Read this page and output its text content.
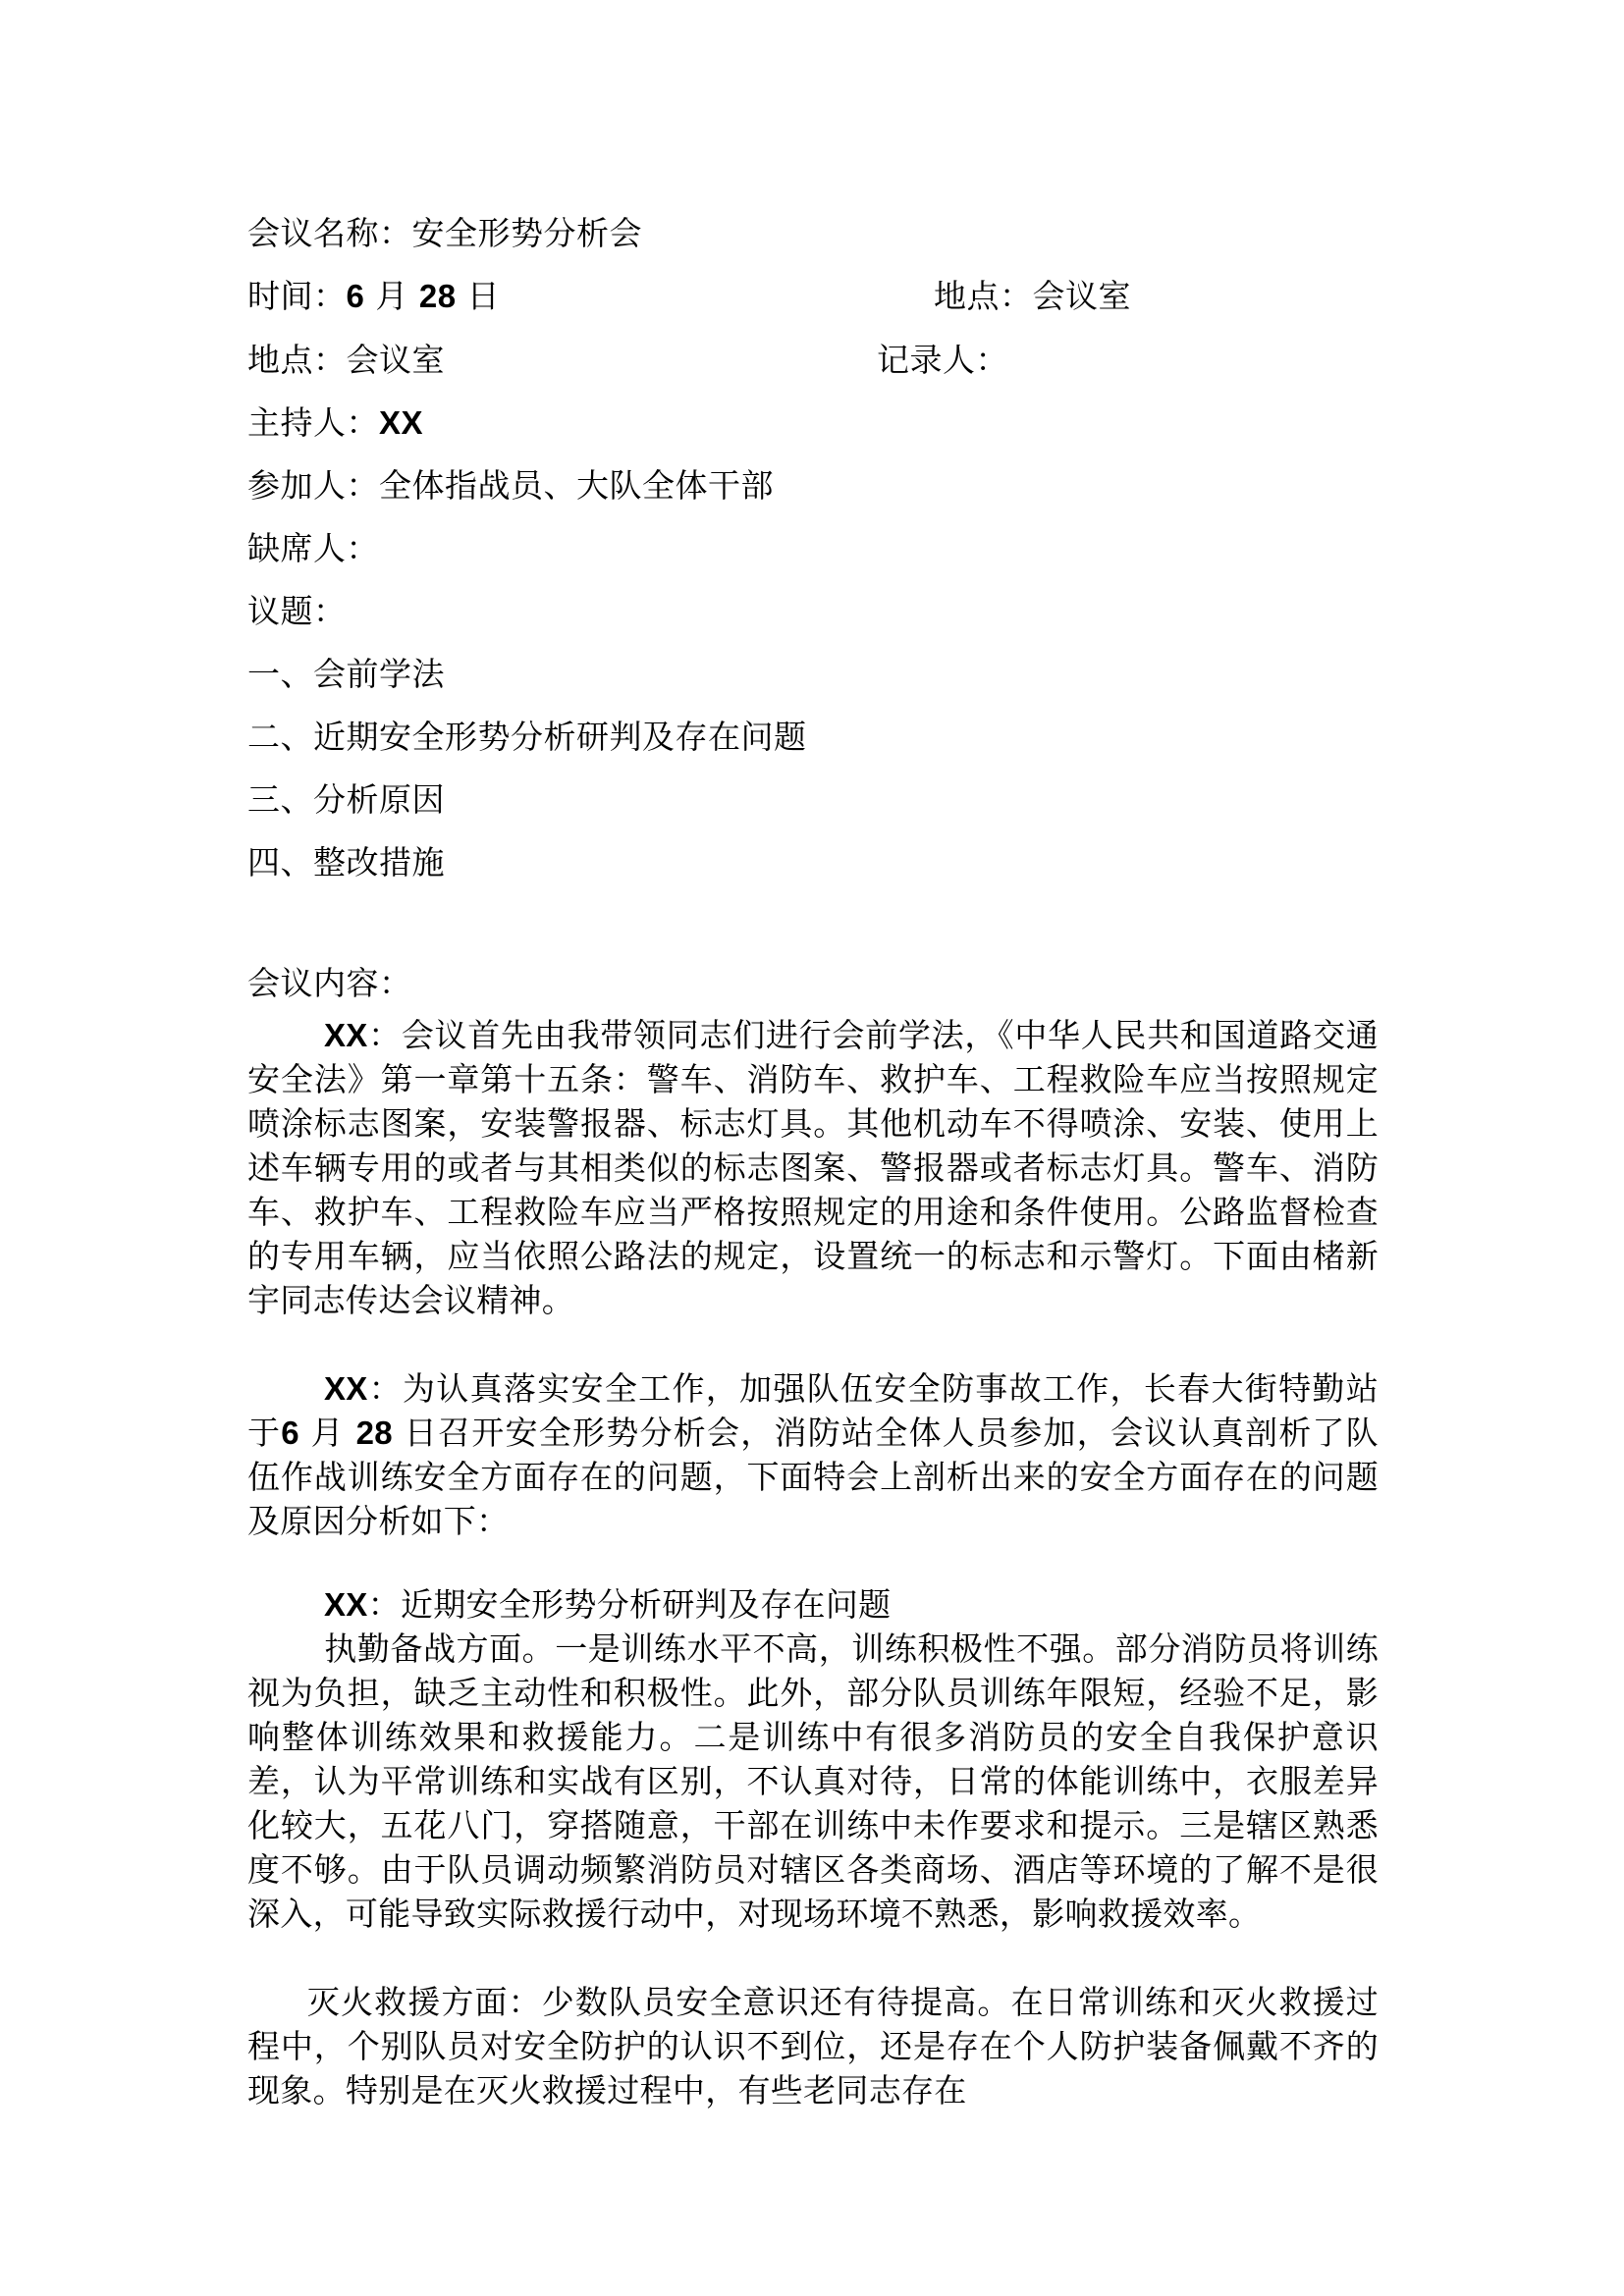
会议名称：安全形势分析会
时间：6 月 28 日	地点：会议室
地点：会议室	记录人：
主持人：XX
参加人：全体指战员、大队全体干部
缺席人：
议题：
一、会前学法
二、近期安全形势分析研判及存在问题
三、分析原因
四、整改措施
会议内容：
XX：会议首先由我带领同志们进行会前学法，《中华人民共和国道路交通安全法》第一章第十五条：警车、消防车、救护车、工程救险车应当按照规定喷涂标志图案，安装警报器、标志灯具。其他机动车不得喷涂、安装、使用上述车辆专用的或者与其相类似的标志图案、警报器或者标志灯具。警车、消防车、救护车、工程救险车应当严格按照规定的用途和条件使用。公路监督检查的专用车辆，应当依照公路法的规定，设置统一的标志和示警灯。下面由楮新宇同志传达会议精神。
XX：为认真落实安全工作，加强队伍安全防事故工作，长春大街特勤站于6 月 28 日召开安全形势分析会，消防站全体人员参加，会议认真剖析了队伍作战训练安全方面存在的问题，下面特会上剖析出来的安全方面存在的问题及原因分析如下：
XX：近期安全形势分析研判及存在问题
执勤备战方面。一是训练水平不高，训练积极性不强。部分消防员将训练视为负担，缺乏主动性和积极性。此外，部分队员训练年限短，经验不足，影响整体训练效果和救援能力。二是训练中有很多消防员的安全自我保护意识差，认为平常训练和实战有区别，不认真对待，日常的体能训练中，衣服差异化较大，五花八门，穿搭随意，干部在训练中未作要求和提示。三是辖区熟悉度不够。由于队员调动频繁消防员对辖区各类商场、酒店等环境的了解不是很深入，可能导致实际救援行动中，对现场环境不熟悉，影响救援效率。
灭火救援方面：少数队员安全意识还有待提高。在日常训练和灭火救援过程中，个别队员对安全防护的认识不到位，还是存在个人防护装备佩戴不齐的现象。特别是在灭火救援过程中，有些老同志存在
